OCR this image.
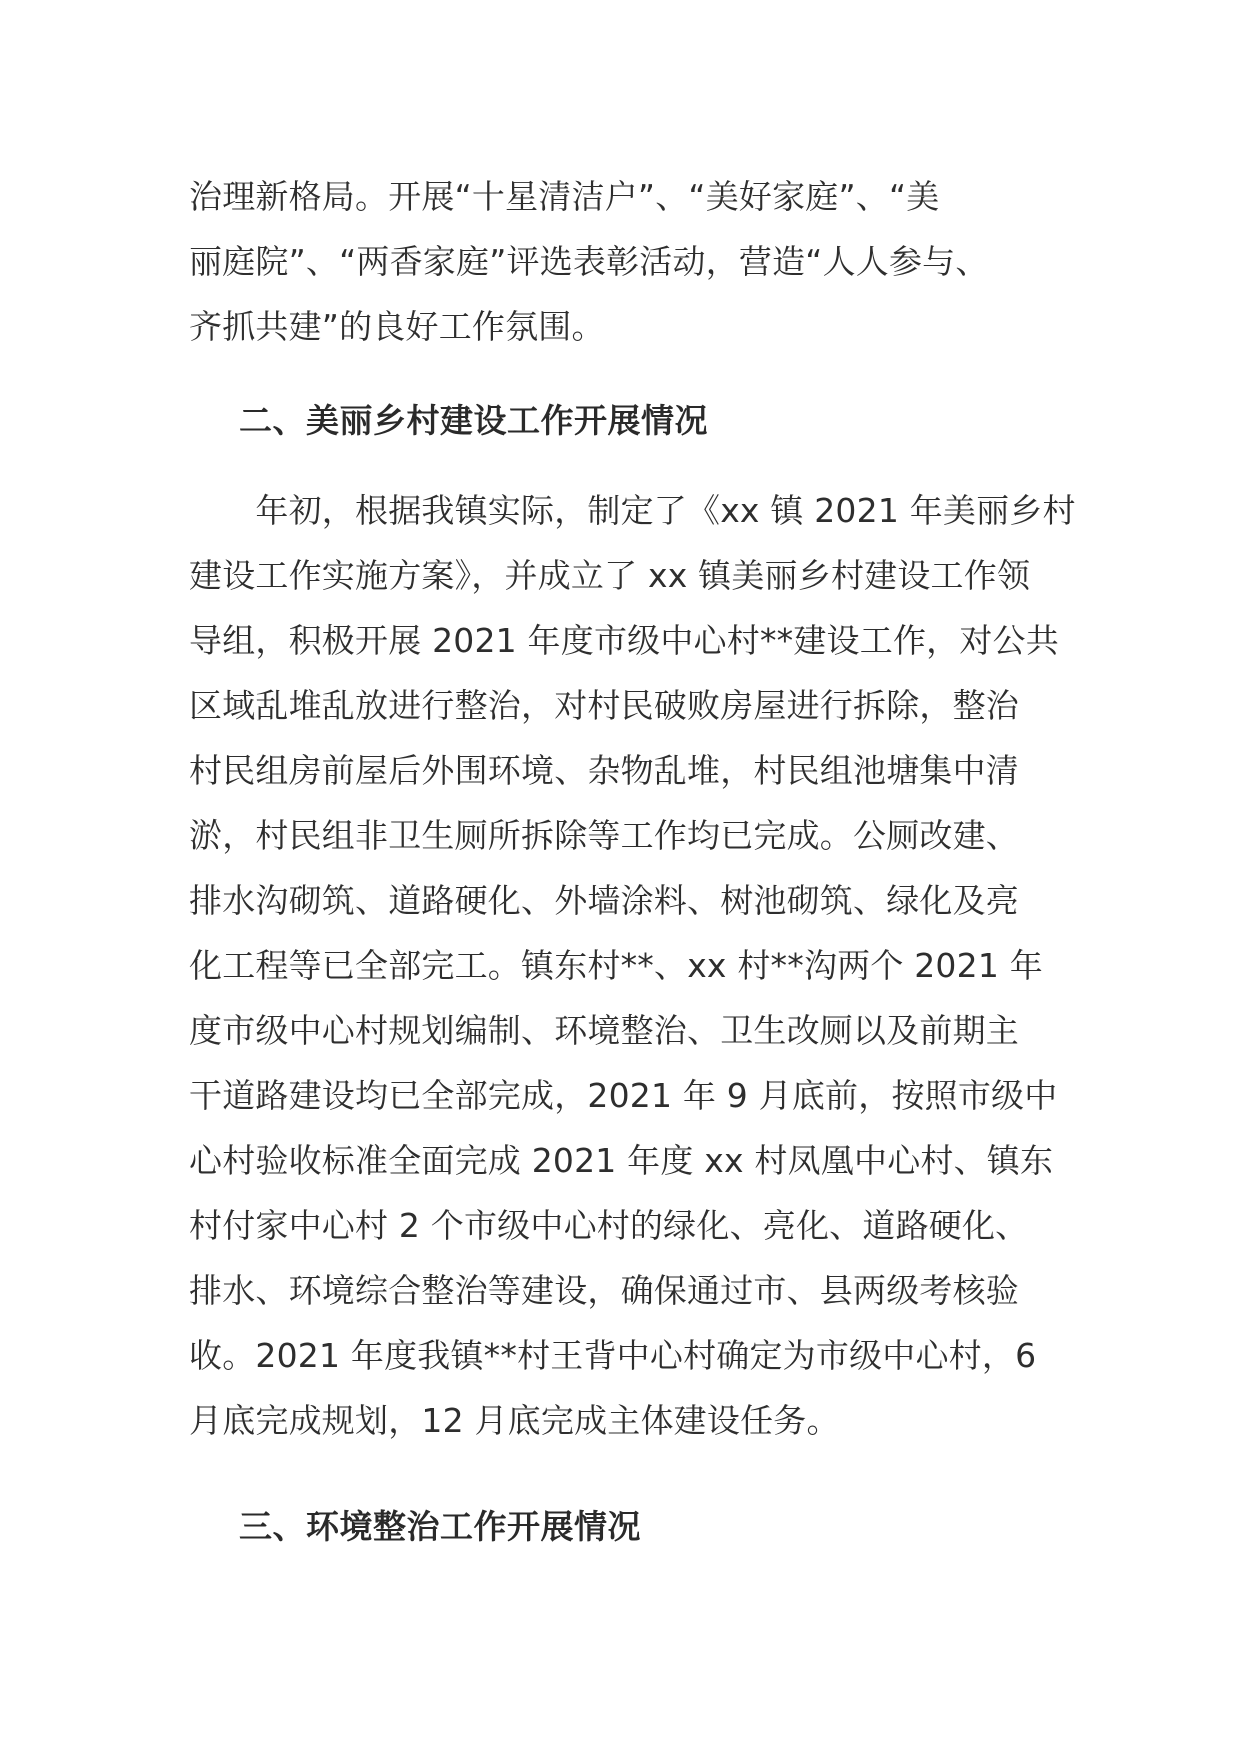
治理新格局。开展“十星清洁户”、“美好家庭”、“美
丽庭院”、“两香家庭”评选表彰活动，营造“人人参与、
齐抓共建”的良好工作氛围。
二、美丽乡村建设工作开展情况
　　年初，根据我镇实际，制定了《xx 镇 2021 年美丽乡村
建设工作实施方案》，并成立了 xx 镇美丽乡村建设工作领
导组，积极开展 2021 年度市级中心村**建设工作，对公共
区域乱堆乱放进行整治，对村民破败房屋进行拆除，整治
村民组房前屋后外围环境、杂物乱堆，村民组池塘集中清
淤，村民组非卫生厕所拆除等工作均已完成。公厕改建、
排水沟砌筑、道路硬化、外墙涂料、树池砌筑、绿化及亮
化工程等已全部完工。镇东村**、xx 村**沟两个 2021 年
度市级中心村规划编制、环境整治、卫生改厕以及前期主
干道路建设均已全部完成，2021 年 9 月底前，按照市级中
心村验收标准全面完成 2021 年度 xx 村凤凰中心村、镇东
村付家中心村 2 个市级中心村的绿化、亮化、道路硬化、
排水、环境综合整治等建设，确保通过市、县两级考核验
收。2021 年度我镇**村王背中心村确定为市级中心村，6
月底完成规划，12 月底完成主体建设任务。
三、环境整治工作开展情况
